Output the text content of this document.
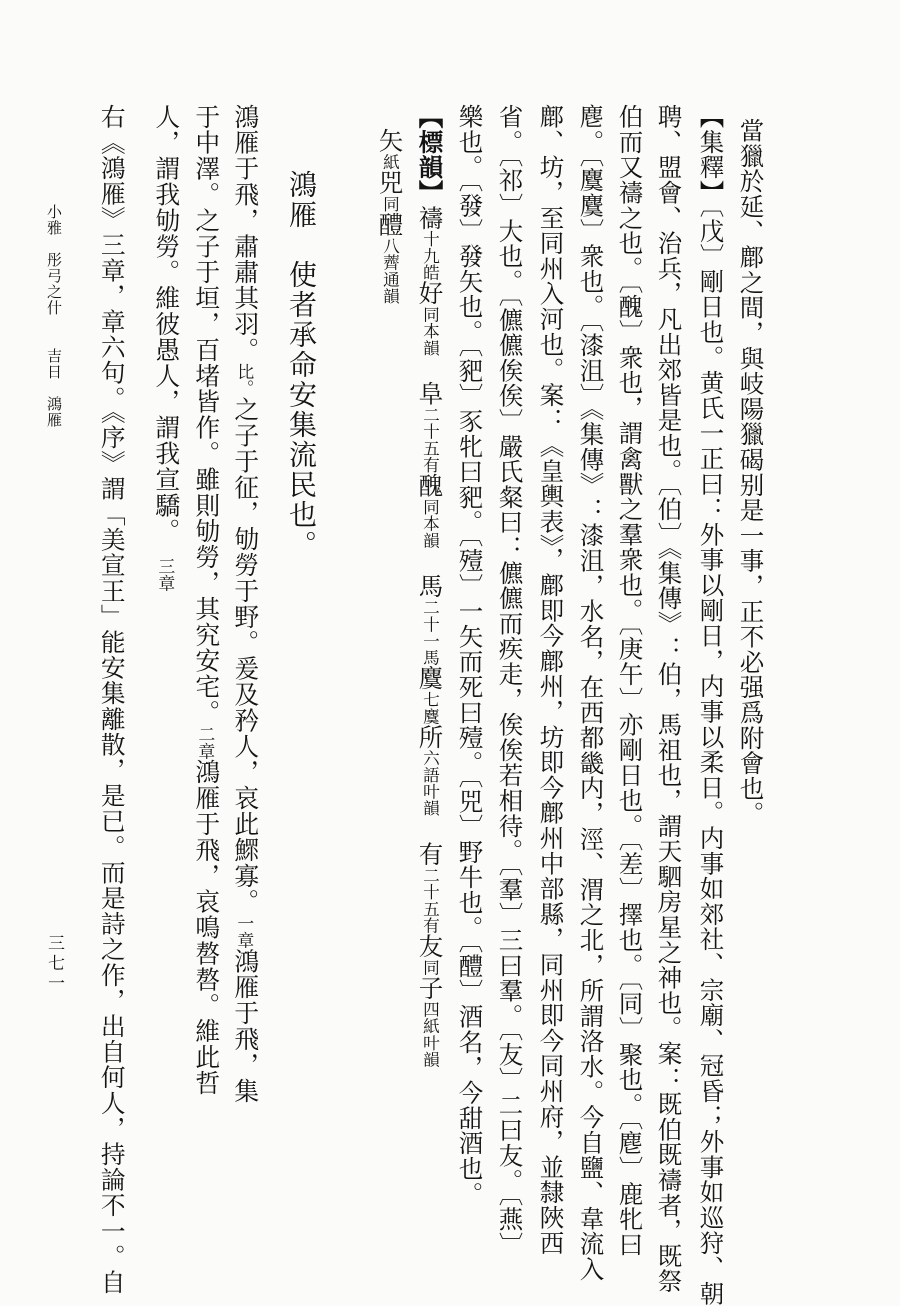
當獵於延、鄜之間，與岐陽獵碣别是一事，正不必强爲附會也。
【集釋】〔戊〕剛日也。黄氏一正曰：外事以剛日，内事以柔日。内事如郊社、宗廟、冠昏；外事如巡狩、朝
聘、盟會、治兵，凡出郊皆是也。〔伯〕《集傳》：伯，馬祖也，謂天駟房星之神也。案：既伯既禱者，既祭
伯而又禱之也。〔醜〕衆也，謂禽獸之羣衆也。〔庚午〕亦剛日也。〔差〕擇也。〔同〕聚也。〔麀〕鹿牝曰
麀。〔麌麌〕衆也。〔漆沮〕《集傳》：漆沮，水名，在西都畿内，涇、渭之北，所謂洛水。今自鹽、韋流入
鄜、坊，至同州入河也。案：《皇輿表》，鄜即今鄜州，坊即今鄜州中部縣，同州即今同州府，並隸陜西
省。〔祁〕大也。〔儦儦俟俟〕嚴氏粲曰：儦儦而疾走，俟俟若相待。〔羣〕三曰羣。〔友〕二曰友。〔燕〕
樂也。〔發〕發矢也。〔豝〕豕牝曰豝。〔殪〕一矢而死曰殪。〔兕〕野牛也。〔醴〕酒名，今甜酒也。
【標韻】禱十九皓好同本韻　阜二十五有醜同本韻　馬二十一馬麌七麌所六語叶韻　有二十五有友同子四紙叶韻
矢紙兕同醴八薺通韻
鴻雁　使者承命安集流民也。
鴻雁于飛，肅肅其羽。比。之子于征，劬勞于野。爰及矜人，哀此鰥寡。一章鴻雁于飛，集
于中澤。之子于垣，百堵皆作。雖則劬勞，其究安宅。二章鴻雁于飛，哀鳴嗸嗸。維此哲
人，謂我劬勞。維彼愚人，謂我宣驕。　三章
右《鴻雁》三章，章六句。《序》謂「美宣王」能安集離散，是已。而是詩之作，出自何人，持論不一。自
小雅　彤弓之什　　吉日　鴻雁
三七一
